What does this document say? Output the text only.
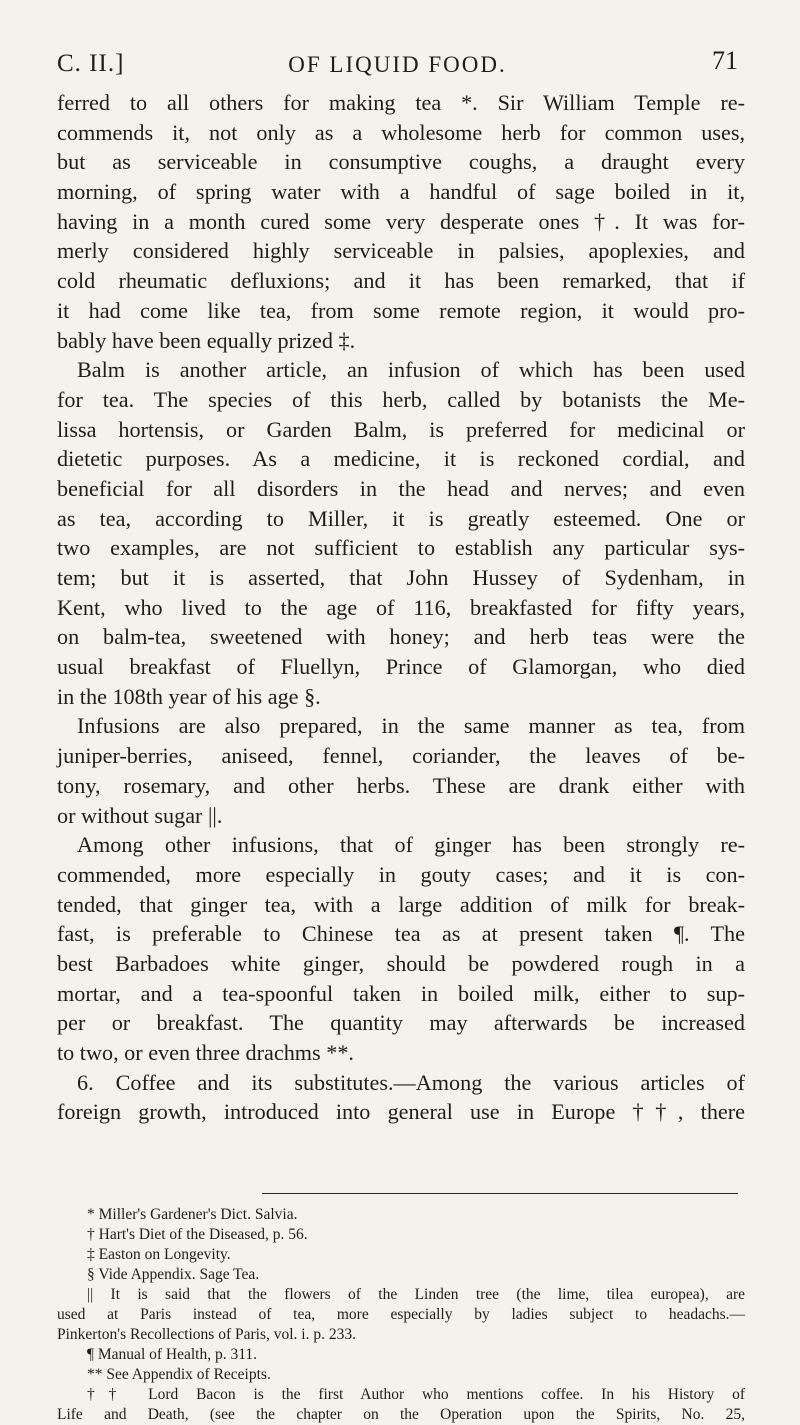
C. II.]	OF LIQUID FOOD.	71
ferred to all others for making tea *. Sir William Temple re-
commends it, not only as a wholesome herb for common uses,
but as serviceable in consumptive coughs, a draught every
morning, of spring water with a handful of sage boiled in it,
having in a month cured some very desperate ones †. It was for-
merly considered highly serviceable in palsies, apoplexies, and
cold rheumatic defluxions; and it has been remarked, that if
it had come like tea, from some remote region, it would pro-
bably have been equally prized ‡.
Balm is another article, an infusion of which has been used
for tea. The species of this herb, called by botanists the Me-
lissa hortensis, or Garden Balm, is preferred for medicinal or
dietetic purposes. As a medicine, it is reckoned cordial, and
beneficial for all disorders in the head and nerves; and even
as tea, according to Miller, it is greatly esteemed. One or
two examples, are not sufficient to establish any particular sys-
tem; but it is asserted, that John Hussey of Sydenham, in
Kent, who lived to the age of 116, breakfasted for fifty years,
on balm-tea, sweetened with honey; and herb teas were the
usual breakfast of Fluellyn, Prince of Glamorgan, who died
in the 108th year of his age §.
Infusions are also prepared, in the same manner as tea, from
juniper-berries, aniseed, fennel, coriander, the leaves of be-
tony, rosemary, and other herbs. These are drank either with
or without sugar ||.
Among other infusions, that of ginger has been strongly re-
commended, more especially in gouty cases; and it is con-
tended, that ginger tea, with a large addition of milk for break-
fast, is preferable to Chinese tea as at present taken ¶. The
best Barbadoes white ginger, should be powdered rough in a
mortar, and a tea-spoonful taken in boiled milk, either to sup-
per or breakfast. The quantity may afterwards be increased
to two, or even three drachms **.
6. Coffee and its substitutes.—Among the various articles of
foreign growth, introduced into general use in Europe ††, there
* Miller's Gardener's Dict. Salvia.
† Hart's Diet of the Diseased, p. 56.
‡ Easton on Longevity.
§ Vide Appendix. Sage Tea.
|| It is said that the flowers of the Linden tree (the lime, tilea europea), are
used at Paris instead of tea, more especially by ladies subject to headachs.—
Pinkerton's Recollections of Paris, vol. i. p. 233.
¶ Manual of Health, p. 311.
** See Appendix of Receipts.
†† Lord Bacon is the first Author who mentions coffee. In his History of
Life and Death, (see the chapter on the Operation upon the Spirits, No. 25,
